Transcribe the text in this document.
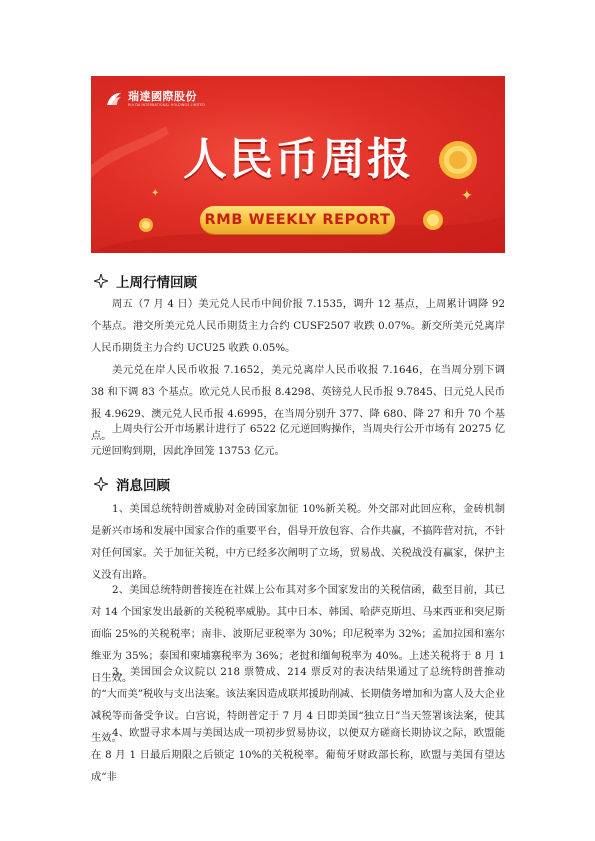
瑞達國際股份
RUI DA INTERNATIONAL HOLDINGS LIMITED
人民币周报
✦
✦
RMB WEEKLY REPORT
上周行情回顾
周五（7 月 4 日）美元兑人民币中间价报 7.1535，调升 12 基点，上周累计调降 92 个基点。港交所美元兑人民币期货主力合约 CUSF2507 收跌 0.07%。新交所美元兑离岸人民币期货主力合约 UCU25 收跌 0.05%。
美元兑在岸人民币收报 7.1652，美元兑离岸人民币收报 7.1646，在当周分别下调 38 和下调 83 个基点。欧元兑人民币报 8.4298、英镑兑人民币报 9.7845、日元兑人民币报 4.9629、澳元兑人民币报 4.6995，在当周分别升 377、降 680、降 27 和升 70 个基点。
上周央行公开市场累计进行了 6522 亿元逆回购操作，当周央行公开市场有 20275 亿元逆回购到期，因此净回笼 13753 亿元。
消息回顾
1、美国总统特朗普威胁对金砖国家加征 10%新关税。外交部对此回应称，金砖机制是新兴市场和发展中国家合作的重要平台，倡导开放包容、合作共赢，不搞阵营对抗，不针对任何国家。关于加征关税，中方已经多次阐明了立场，贸易战、关税战没有赢家，保护主义没有出路。
2、美国总统特朗普接连在社媒上公布其对多个国家发出的关税信函，截至目前，其已对 14 个国家发出最新的关税税率威胁。其中日本、韩国、哈萨克斯坦、马来西亚和突尼斯面临 25%的关税税率；南非、波斯尼亚税率为 30%；印尼税率为 32%；孟加拉国和塞尔维亚为 35%；泰国和柬埔寨税率为 36%；老挝和缅甸税率为 40%。上述关税将于 8 月 1 日生效。
3、美国国会众议院以 218 票赞成、214 票反对的表决结果通过了总统特朗普推动的“大而美”税收与支出法案。该法案因造成联邦援助削减、长期债务增加和为富人及大企业减税等而备受争议。白宫说，特朗普定于 7 月 4 日即美国“独立日”当天签署该法案，使其生效。
4、欧盟寻求本周与美国达成一项初步贸易协议，以便双方磋商长期协议之际，欧盟能在 8 月 1 日最后期限之后锁定 10%的关税税率。葡萄牙财政部长称，欧盟与美国有望达成“非
